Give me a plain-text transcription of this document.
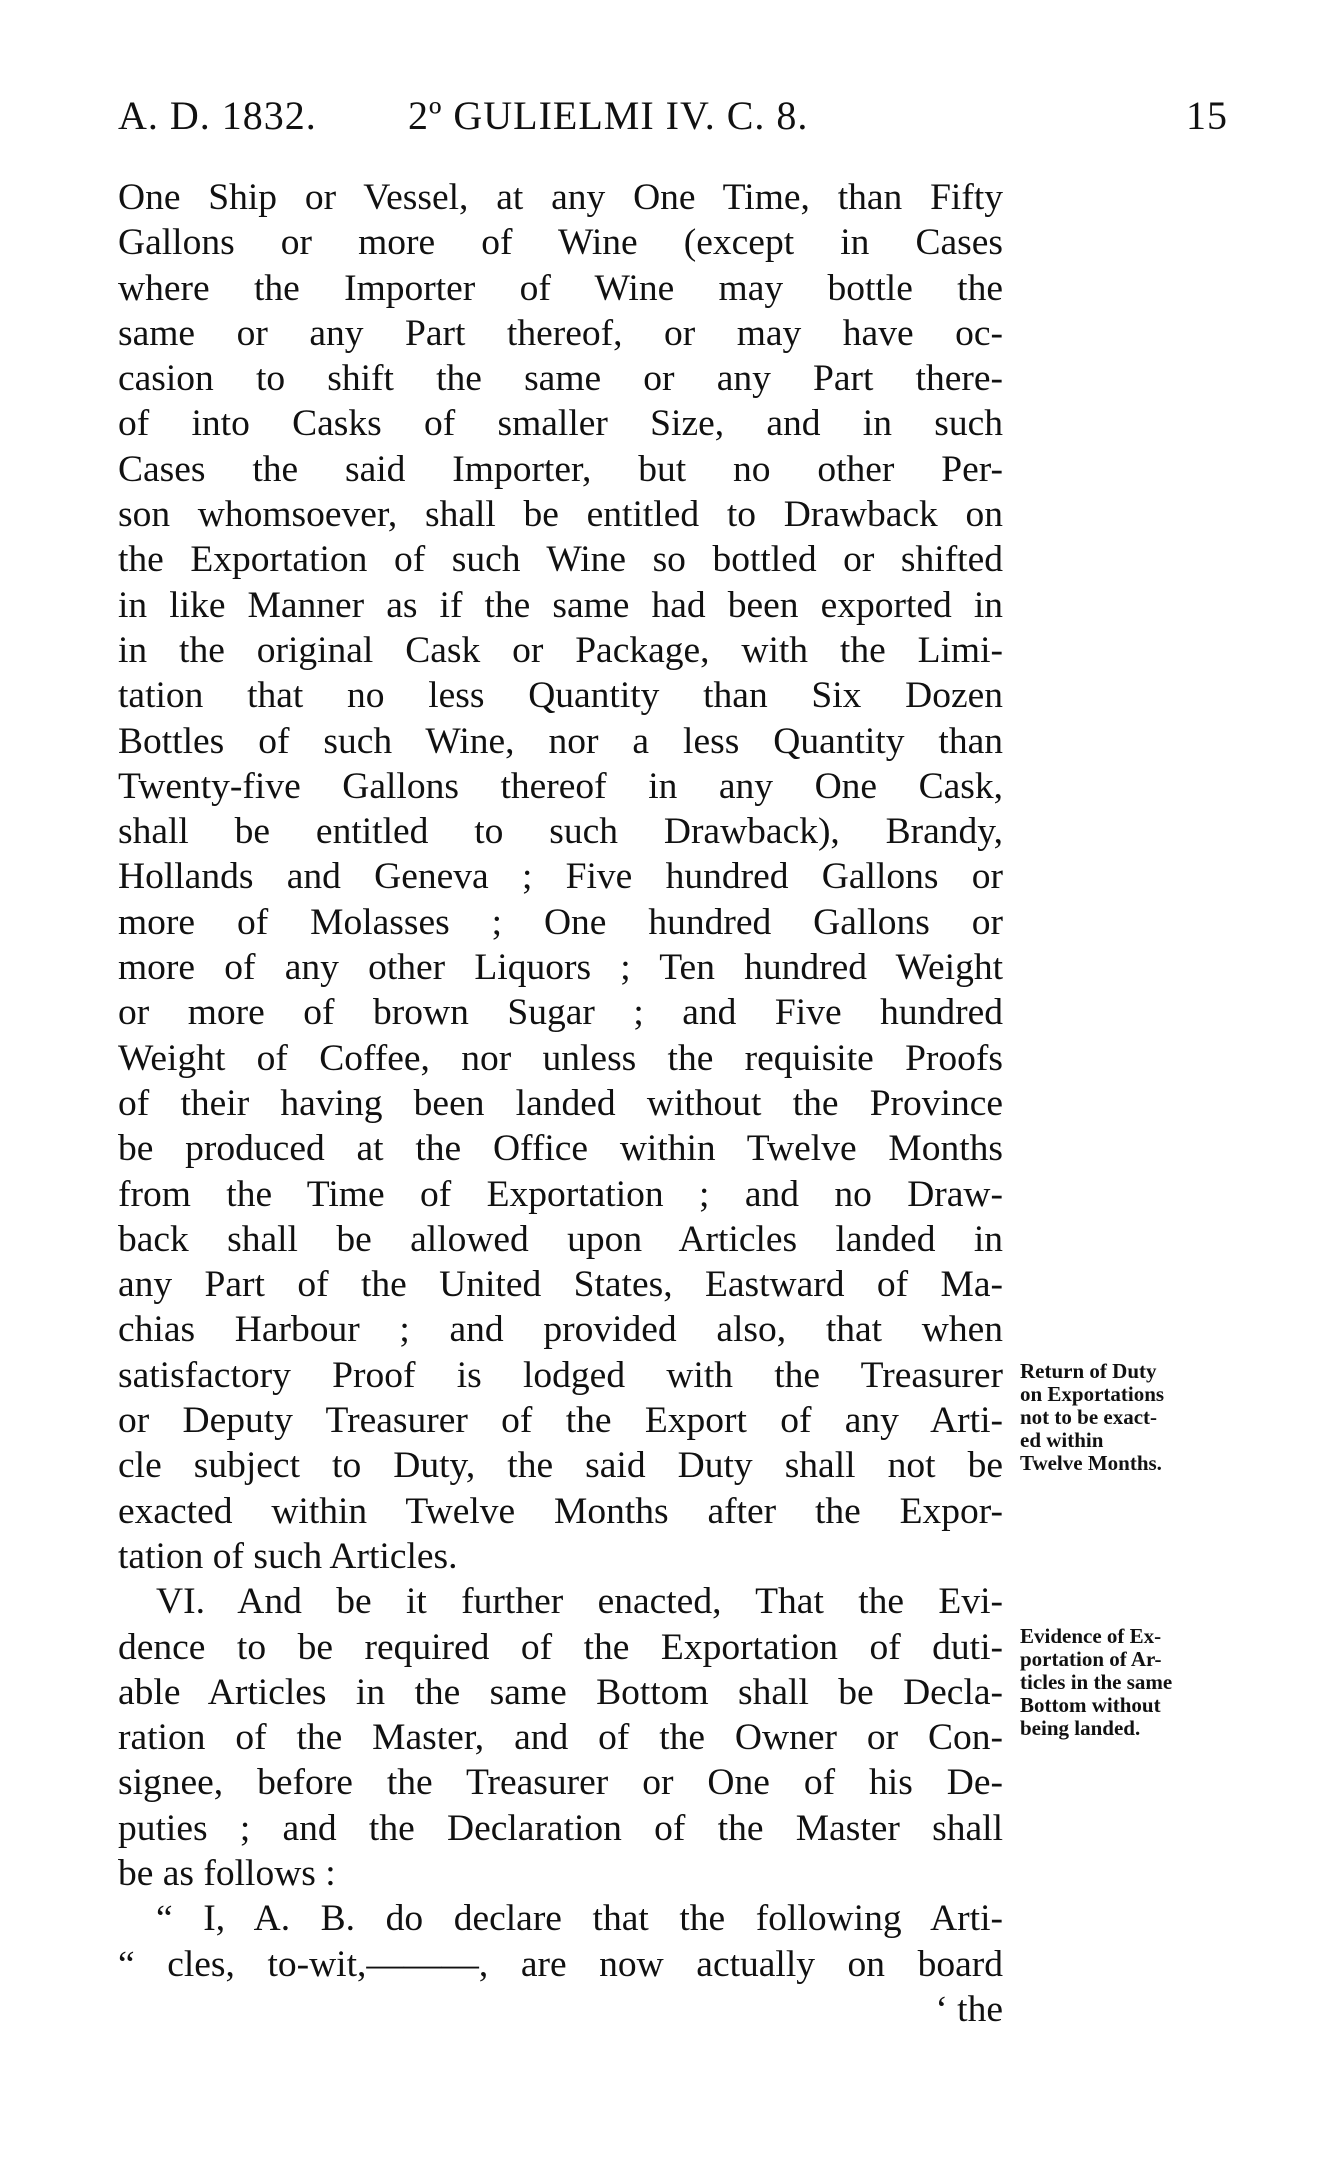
A. D. 1832. 2º GULIELMI IV. C. 8.	15
One Ship or Vessel, at any One Time, than Fifty
Gallons or more of Wine (except in Cases
where the Importer of Wine may bottle the
same or any Part thereof, or may have oc-
casion to shift the same or any Part there-
of into Casks of smaller Size, and in such
Cases the said Importer, but no other Per-
son whomsoever, shall be entitled to Drawback on
the Exportation of such Wine so bottled or shifted
in like Manner as if the same had been exported in
in the original Cask or Package, with the Limi-
tation that no less Quantity than Six Dozen
Bottles of such Wine, nor a less Quantity than
Twenty-five Gallons thereof in any One Cask,
shall be entitled to such Drawback), Brandy,
Hollands and Geneva ; Five hundred Gallons or
more of Molasses ; One hundred Gallons or
more of any other Liquors ; Ten hundred Weight
or more of brown Sugar ; and Five hundred
Weight of Coffee, nor unless the requisite Proofs
of their having been landed without the Province
be produced at the Office within Twelve Months
from the Time of Exportation ; and no Draw-
back shall be allowed upon Articles landed in
any Part of the United States, Eastward of Ma-
chias Harbour ; and provided also, that when
satisfactory Proof is lodged with the Treasurer
or Deputy Treasurer of the Export of any Arti-
cle subject to Duty, the said Duty shall not be
exacted within Twelve Months after the Expor-
tation of such Articles.
VI. And be it further enacted, That the Evi-
dence to be required of the Exportation of duti-
able Articles in the same Bottom shall be Decla-
ration of the Master, and of the Owner or Con-
signee, before the Treasurer or One of his De-
puties ; and the Declaration of the Master shall
be as follows :
“ I, A. B. do declare that the following Arti-
“ cles, to-wit,———, are now actually on board
‘ the
Return of Duty
on Exportations
not to be exact-
ed within
Twelve Months.
Evidence of Ex-
portation of Ar-
ticles in the same
Bottom without
being landed.
